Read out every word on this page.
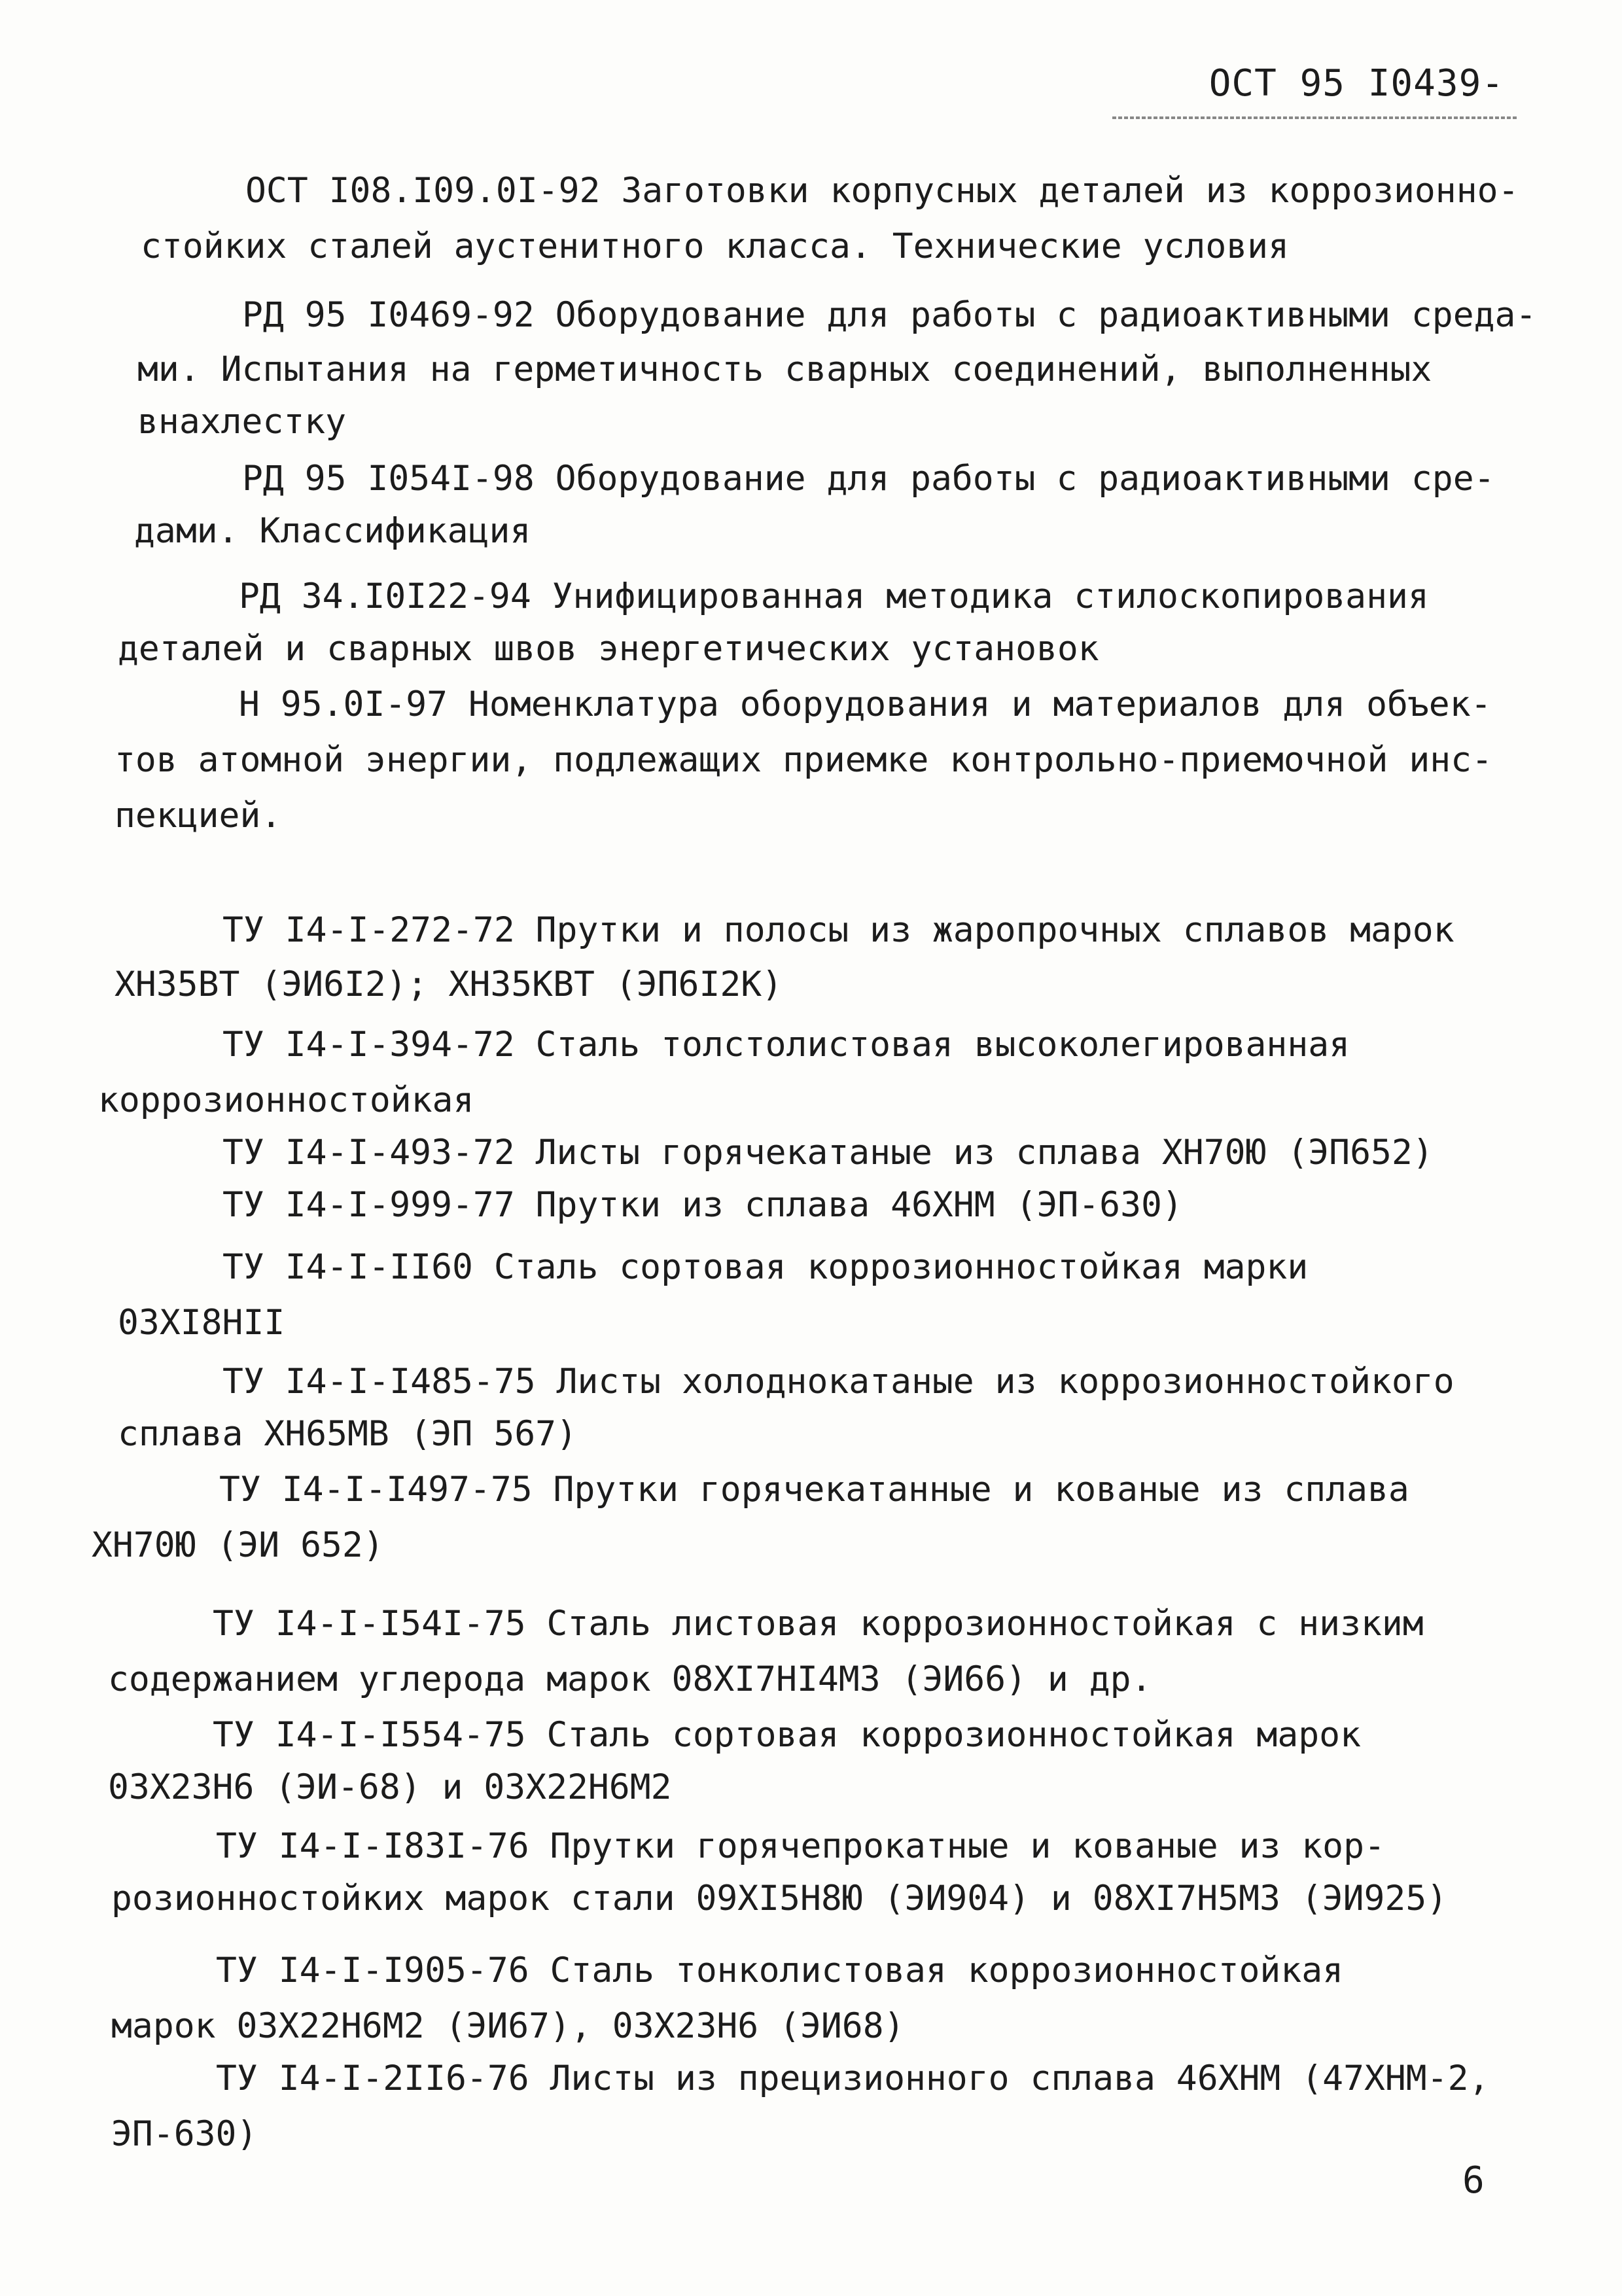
ОСТ 95 I0439-
ОСТ I08.I09.0I-92 Заготовки корпусных деталей из коррозионно-
стойких сталей аустенитного класса. Технические условия
РД 95 I0469-92 Оборудование для работы с радиоактивными среда-
ми. Испытания на герметичность сварных соединений, выполненных
внахлестку
РД 95 I054I-98 Оборудование для работы с радиоактивными сре-
дами. Классификация
РД 34.I0I22-94 Унифицированная методика стилоскопирования
деталей и сварных швов энергетических установок
Н 95.0I-97 Номенклатура оборудования и материалов для объек-
тов атомной энергии, подлежащих приемке контрольно-приемочной инс-
пекцией.
ТУ I4-I-272-72 Прутки и полосы из жаропрочных сплавов марок
ХН35ВТ (ЭИ6I2); ХН35КВТ (ЭП6I2К)
ТУ I4-I-394-72 Сталь толстолистовая высоколегированная
коррозионностойкая
ТУ I4-I-493-72 Листы горячекатаные из сплава ХН70Ю (ЭП652)
ТУ I4-I-999-77 Прутки из сплава 46ХНМ (ЭП-630)
ТУ I4-I-II60 Сталь сортовая коррозионностойкая марки
03ХI8НII
ТУ I4-I-I485-75 Листы холоднокатаные из коррозионностойкого
сплава ХН65МВ (ЭП 567)
ТУ I4-I-I497-75 Прутки горячекатанные и кованые из сплава
ХН70Ю (ЭИ 652)
ТУ I4-I-I54I-75 Сталь листовая коррозионностойкая с низким
содержанием углерода марок 08ХI7НI4М3 (ЭИ66) и др.
ТУ I4-I-I554-75 Сталь сортовая коррозионностойкая марок
03Х23Н6 (ЭИ-68) и 03Х22Н6М2
ТУ I4-I-I83I-76 Прутки горячепрокатные и кованые из кор-
розионностойких марок стали 09ХI5Н8Ю (ЭИ904) и 08ХI7Н5М3 (ЭИ925)
ТУ I4-I-I905-76 Сталь тонколистовая коррозионностойкая
марок 03Х22Н6М2 (ЭИ67), 03Х23Н6 (ЭИ68)
ТУ I4-I-2II6-76 Листы из прецизионного сплава 46ХНМ (47ХНМ-2,
ЭП-630)
6
